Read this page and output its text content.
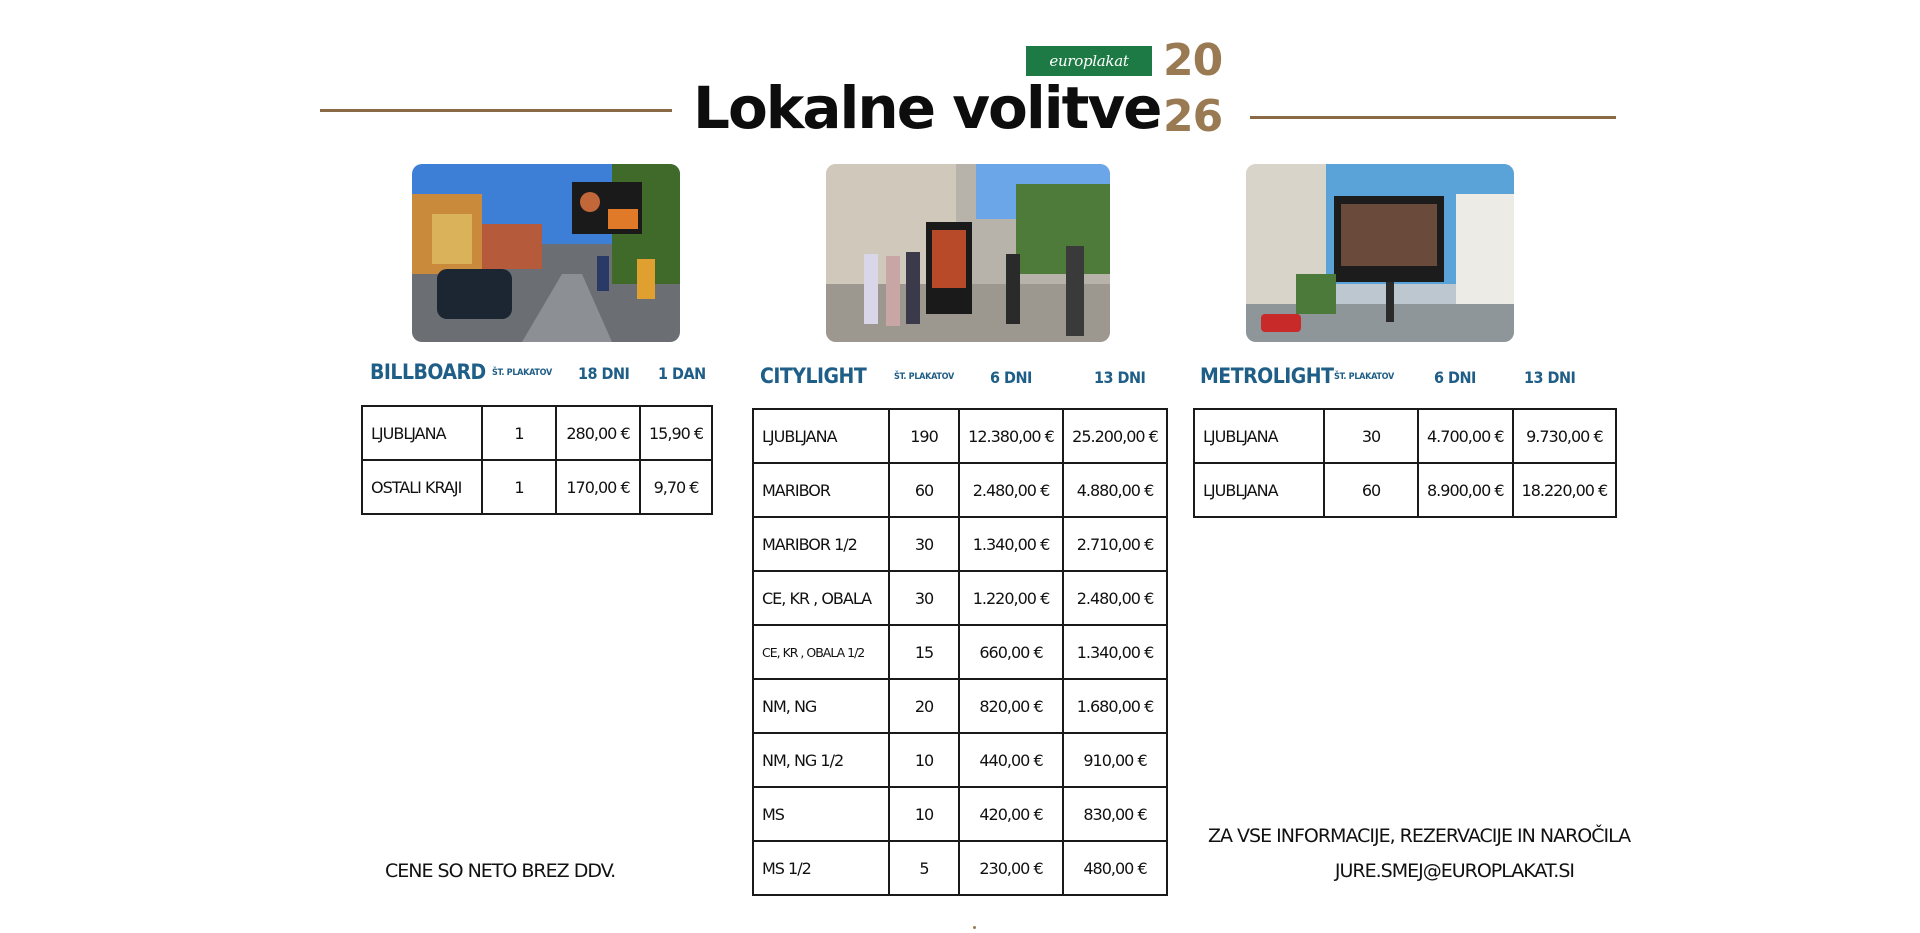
europlakat
Lokalne volitve
20
26
BILLBOARD ŠT. PLAKATOV 18 DNI 1 DAN
LJUBLJANA	1	280,00 €	15,90 €
OSTALI KRAJI	1	170,00 €	9,70 €
CITYLIGHT	ŠT. PLAKATOV 6 DNI	13 DNI
LJUBLJANA	190	12.380,00 €	25.200,00 €
MARIBOR	60	2.480,00 €	4.880,00 €
MARIBOR 1/2	30	1.340,00 €	2.710,00 €
CE, KR , OBALA	30	1.220,00 €	2.480,00 €
CE, KR , OBALA 1/2	15	660,00 €	1.340,00 €
NM, NG	20	820,00 €	1.680,00 €
NM, NG 1/2	10	440,00 €	910,00 €
MS	10	420,00 €	830,00 €
MS 1/2	5	230,00 €	480,00 €
METROLIGHT ŠT. PLAKATOV	6 DNI	13 DNI
LJUBLJANA	30	4.700,00 €	9.730,00 €
LJUBLJANA	60	8.900,00 €	18.220,00 €
CENE SO NETO BREZ DDV.
ZA VSE INFORMACIJE, REZERVACIJE IN NAROČILA
JURE.SMEJ@EUROPLAKAT.SI
